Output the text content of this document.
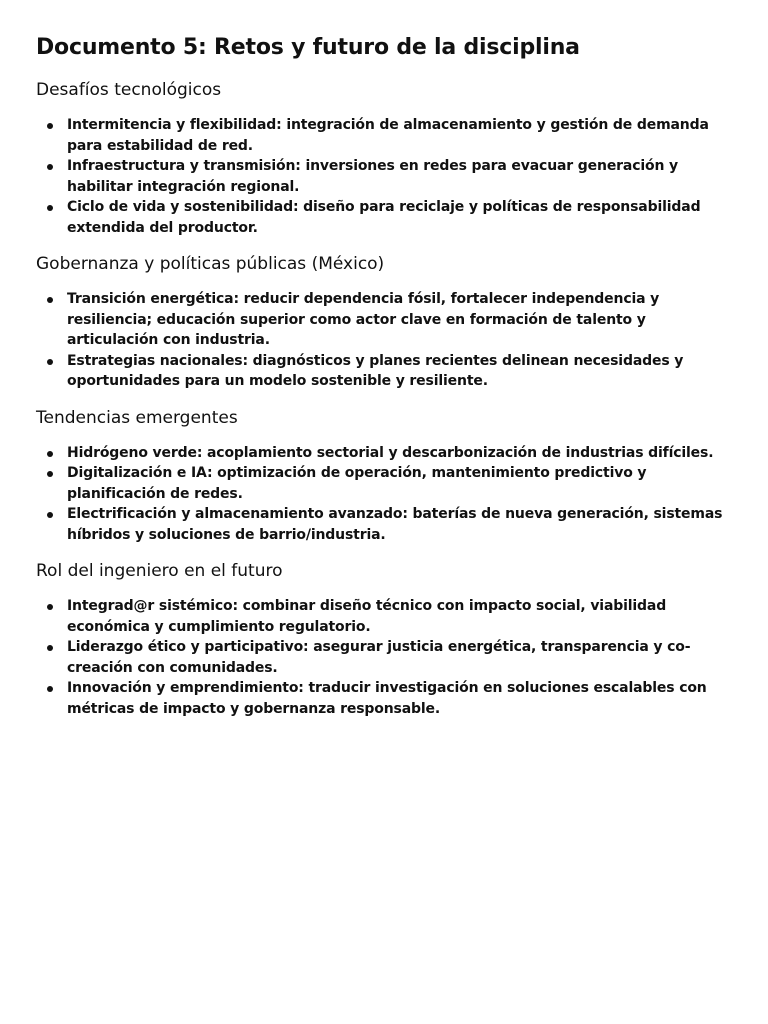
Documento 5: Retos y futuro de la disciplina
Desafíos tecnológicos
Intermitencia y flexibilidad: integración de almacenamiento y gestión de demanda para estabilidad de red.
Infraestructura y transmisión: inversiones en redes para evacuar generación y habilitar integración regional.
Ciclo de vida y sostenibilidad: diseño para reciclaje y políticas de responsabilidad extendida del productor.
Gobernanza y políticas públicas (México)
Transición energética: reducir dependencia fósil, fortalecer independencia y resiliencia; educación superior como actor clave en formación de talento y articulación con industria.
Estrategias nacionales: diagnósticos y planes recientes delinean necesidades y oportunidades para un modelo sostenible y resiliente.
Tendencias emergentes
Hidrógeno verde: acoplamiento sectorial y descarbonización de industrias difíciles.
Digitalización e IA: optimización de operación, mantenimiento predictivo y planificación de redes.
Electrificación y almacenamiento avanzado: baterías de nueva generación, sistemas híbridos y soluciones de barrio/industria.
Rol del ingeniero en el futuro
Integrad@r sistémico: combinar diseño técnico con impacto social, viabilidad económica y cumplimiento regulatorio.
Liderazgo ético y participativo: asegurar justicia energética, transparencia y co-creación con comunidades.
Innovación y emprendimiento: traducir investigación en soluciones escalables con métricas de impacto y gobernanza responsable.
